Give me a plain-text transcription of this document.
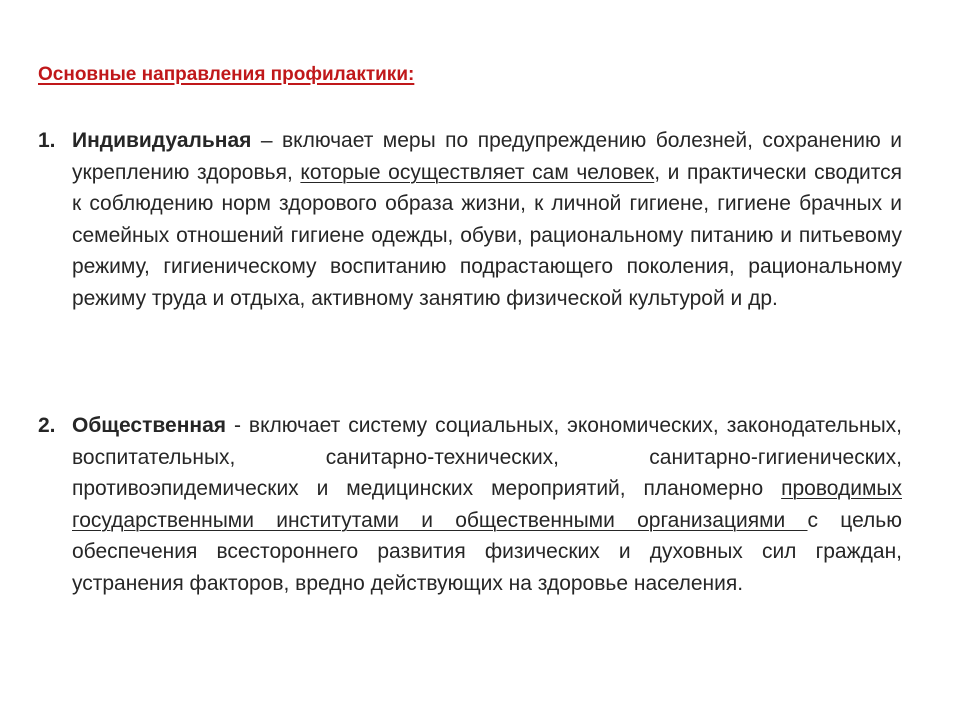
Основные направления профилактики:
1. Индивидуальная – включает меры по предупреждению болезней, сохранению и укреплению здоровья, которые осуществляет сам человек, и практически сводится к соблюдению норм здорового образа жизни, к личной гигиене, гигиене брачных и семейных отношений гигиене одежды, обуви, рациональному питанию и питьевому режиму, гигиеническому воспитанию подрастающего поколения, рациональному режиму труда и отдыха, активному занятию физической культурой и др.
2. Общественная - включает систему социальных, экономических, законодательных, воспитательных, санитарно-технических, санитарно-гигиенических, противоэпидемических и медицинских мероприятий, планомерно проводимых государственными институтами и общественными организациями с целью обеспечения всестороннего развития физических и духовных сил граждан, устранения факторов, вредно действующих на здоровье населения.
